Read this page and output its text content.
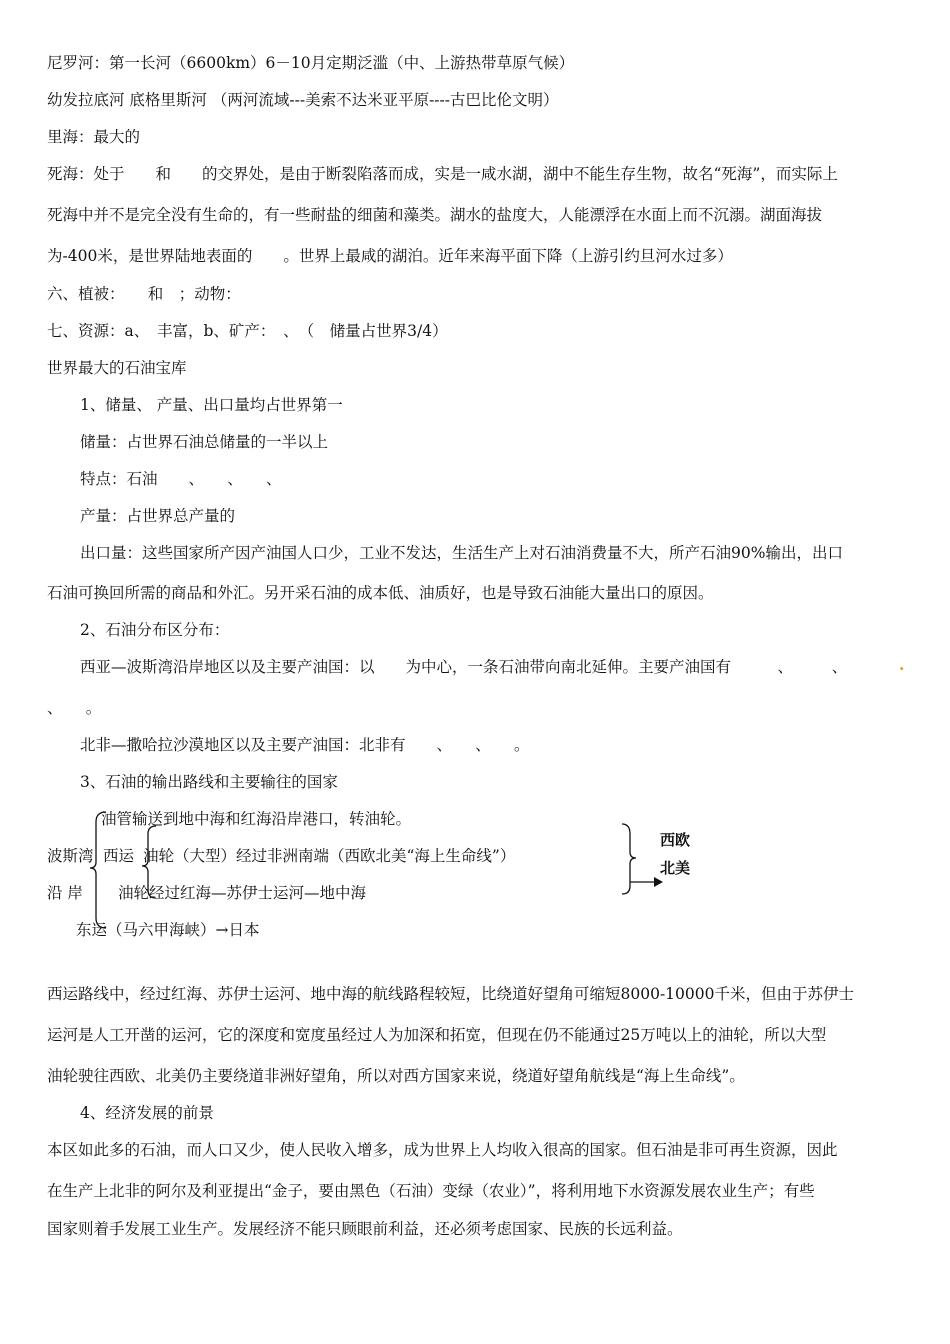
尼罗河：第一长河（6600km）6－10月定期泛滥（中、上游热带草原气候）
幼发拉底河 底格里斯河 （两河流域---美索不达米亚平原----古巴比伦文明）
里海：最大的
死海：处于　　和　　的交界处，是由于断裂陷落而成，实是一咸水湖，湖中不能生存生物，故名“死海”，而实际上
死海中并不是完全没有生命的，有一些耐盐的细菌和藻类。湖水的盐度大，人能漂浮在水面上而不沉溺。湖面海拔
为-400米，是世界陆地表面的　　。世界上最咸的湖泊。近年来海平面下降（上游引约旦河水过多）
六、植被：　　和　；动物：
七、资源：a、　丰富，b、矿产：　、　（　储量占世界3/4）
世界最大的石油宝库
1、储量、 产量、出口量均占世界第一
储量：占世界石油总储量的一半以上
特点：石油　　、　　、　　、
产量：占世界总产量的
出口量：这些国家所产因产油国人口少，工业不发达，生活生产上对石油消费量不大，所产石油90%输出，出口
石油可换回所需的商品和外汇。另开采石油的成本低、油质好，也是导致石油能大量出口的原因。
2、石油分布区分布：
西亚—波斯湾沿岸地区以及主要产油国：以　　为中心，一条石油带向南北延伸。主要产油国有　　　、　　　、	.
、　　。
北非—撒哈拉沙漠地区以及主要产油国：北非有　　、　　、　　。
3、石油的输出路线和主要输往的国家
油管输送到地中海和红海沿岸港口，转油轮。
波斯湾 西运 油轮（大型）经过非洲南端（西欧北美“海上生命线”）
沿 岸 油轮经过红海—苏伊士运河—地中海
东运（马六甲海峡）→日本
西欧
北美
西运路线中，经过红海、苏伊士运河、地中海的航线路程较短，比绕道好望角可缩短8000-10000千米，但由于苏伊士
运河是人工开凿的运河，它的深度和宽度虽经过人为加深和拓宽，但现在仍不能通过25万吨以上的油轮，所以大型
油轮驶往西欧、北美仍主要绕道非洲好望角，所以对西方国家来说，绕道好望角航线是“海上生命线”。
4、经济发展的前景
本区如此多的石油，而人口又少，使人民收入增多，成为世界上人均收入很高的国家。但石油是非可再生资源，因此
在生产上北非的阿尔及利亚提出“金子，要由黑色（石油）变绿（农业）”，将利用地下水资源发展农业生产；有些
国家则着手发展工业生产。发展经济不能只顾眼前利益，还必须考虑国家、民族的长远利益。
